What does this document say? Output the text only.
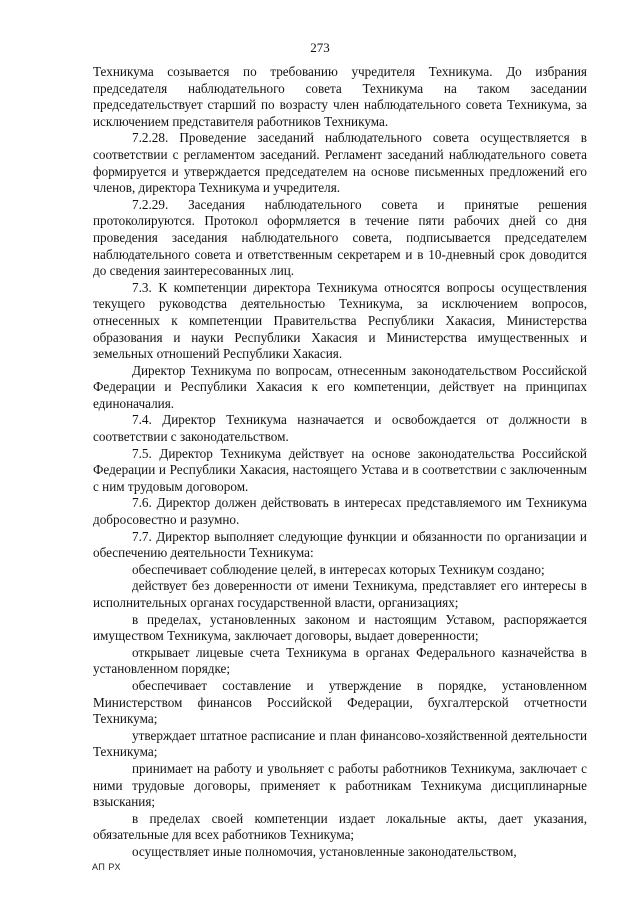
273

Техникума созывается по требованию учредителя Техникума. До избрания председателя наблюдательного совета Техникума на таком заседании председательствует старший по возрасту член наблюдательного совета Техникума, за исключением представителя работников Техникума.

7.2.28. Проведение заседаний наблюдательного совета осуществляется в соответствии с регламентом заседаний. Регламент заседаний наблюдательного совета формируется и утверждается председателем на основе письменных предложений его членов, директора Техникума и учредителя.

7.2.29. Заседания наблюдательного совета и принятые решения протоколируются. Протокол оформляется в течение пяти рабочих дней со дня проведения заседания наблюдательного совета, подписывается председателем наблюдательного совета и ответственным секретарем и в 10-дневный срок доводится до сведения заинтересованных лиц.

7.3. К компетенции директора Техникума относятся вопросы осуществления текущего руководства деятельностью Техникума, за исключением вопросов, отнесенных к компетенции Правительства Республики Хакасия, Министерства образования и науки Республики Хакасия и Министерства имущественных и земельных отношений Республики Хакасия.

Директор Техникума по вопросам, отнесенным законодательством Российской Федерации и Республики Хакасия к его компетенции, действует на принципах единоначалия.

7.4. Директор Техникума назначается и освобождается от должности в соответствии с законодательством.

7.5. Директор Техникума действует на основе законодательства Российской Федерации и Республики Хакасия, настоящего Устава и в соответствии с заключенным с ним трудовым договором.

7.6. Директор должен действовать в интересах представляемого им Техникума добросовестно и разумно.

7.7. Директор выполняет следующие функции и обязанности по организации и обеспечению деятельности Техникума:

обеспечивает соблюдение целей, в интересах которых Техникум создано;

действует без доверенности от имени Техникума, представляет его интересы в исполнительных органах государственной власти, организациях;

в пределах, установленных законом и настоящим Уставом, распоряжается имуществом Техникума, заключает договоры, выдает доверенности;

открывает лицевые счета Техникума в органах Федерального казначейства в установленном порядке;

обеспечивает составление и утверждение в порядке, установленном Министерством финансов Российской Федерации, бухгалтерской отчетности Техникума;

утверждает штатное расписание и план финансово-хозяйственной деятельности Техникума;

принимает на работу и увольняет с работы работников Техникума, заключает с ними трудовые договоры, применяет к работникам Техникума дисциплинарные взыскания;

в пределах своей компетенции издает локальные акты, дает указания, обязательные для всех работников Техникума;

осуществляет иные полномочия, установленные законодательством,

АП РХ
